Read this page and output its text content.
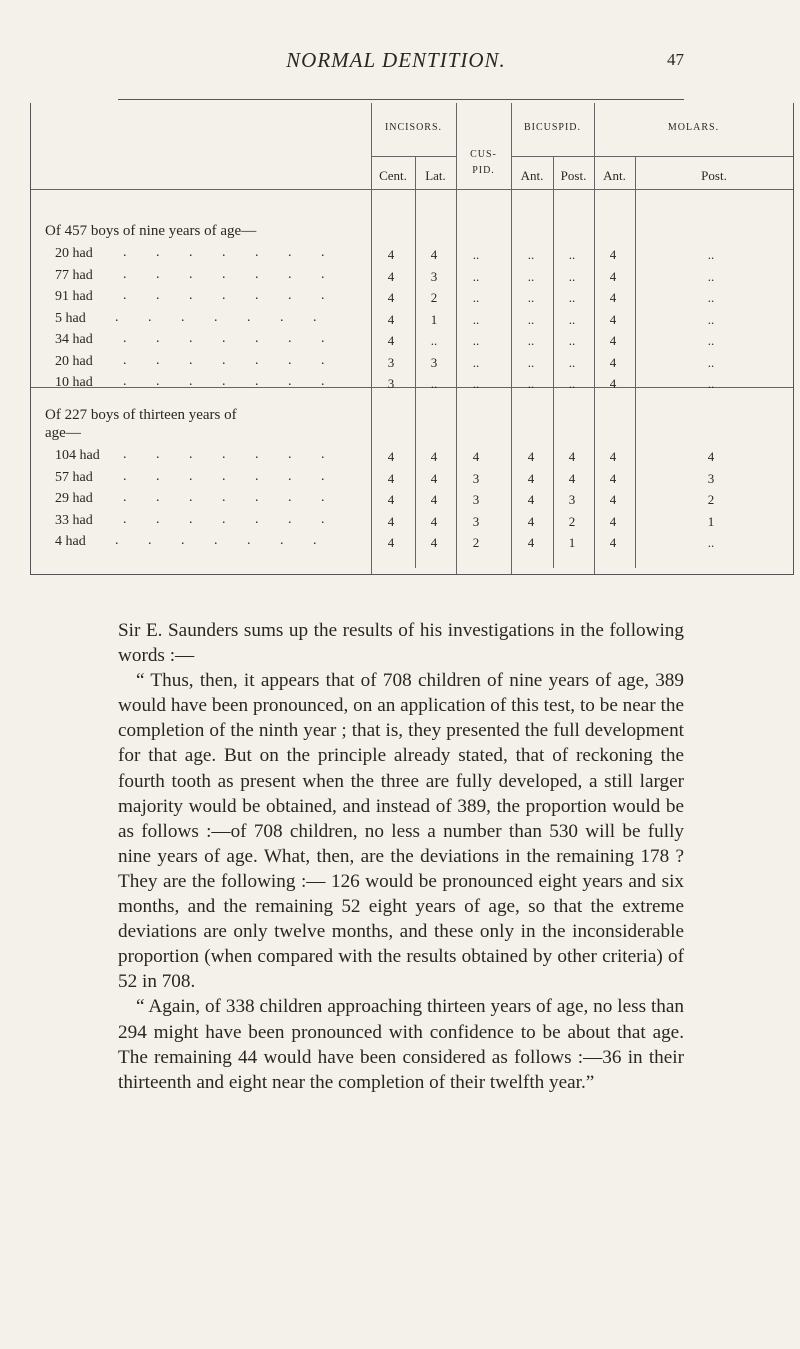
NORMAL DENTITION.	47
INCISORS.
Cent.	Lat.
CUS-
PID.
BICUSPID.
Ant.	Post.
MOLARS.
Ant.	Post.
Of 457 boys of nine years of age—
Of 227 boys of thirteen years of
age—
20 had	. . . . . . .	4	4	..	..	..	4	..
77 had	. . . . . . .	4	3	..	..	..	4	..
91 had	. . . . . . .	4	2	..	..	..	4	..
5 had	. . . . . . .	4	1	..	..	..	4	..
34 had	. . . . . . .	4	..	..	..	..	4	..
20 had	. . . . . . .	3	3	..	..	..	4	..
10 had	. . . . . . .	3	..	..	..	..	4	..
104 had	. . . . . . .	4	4	4	4	4	4	4
57 had	. . . . . . .	4	4	3	4	4	4	3
29 had	. . . . . . .	4	4	3	4	3	4	2
33 had	. . . . . . .	4	4	3	4	2	4	1
4 had	. . . . . . .	4	4	2	4	1	4	..

Sir E. Saunders sums up the results of his investigations in the following words :—

“ Thus, then, it appears that of 708 children of nine years of age, 389 would have been pronounced, on an application of this test, to be near the completion of the ninth year ; that is, they presented the full development for that age. But on the principle already stated, that of reckoning the fourth tooth as present when the three are fully developed, a still larger majority would be obtained, and instead of 389, the proportion would be as follows :—of 708 children, no less a number than 530 will be fully nine years of age. What, then, are the deviations in the remaining 178 ? They are the following :— 126 would be pronounced eight years and six months, and the remaining 52 eight years of age, so that the extreme deviations are only twelve months, and these only in the inconsiderable proportion (when compared with the results obtained by other criteria) of 52 in 708.

“ Again, of 338 children approaching thirteen years of age, no less than 294 might have been pronounced with confidence to be about that age. The remaining 44 would have been considered as follows :—36 in their thirteenth and eight near the completion of their twelfth year.”
